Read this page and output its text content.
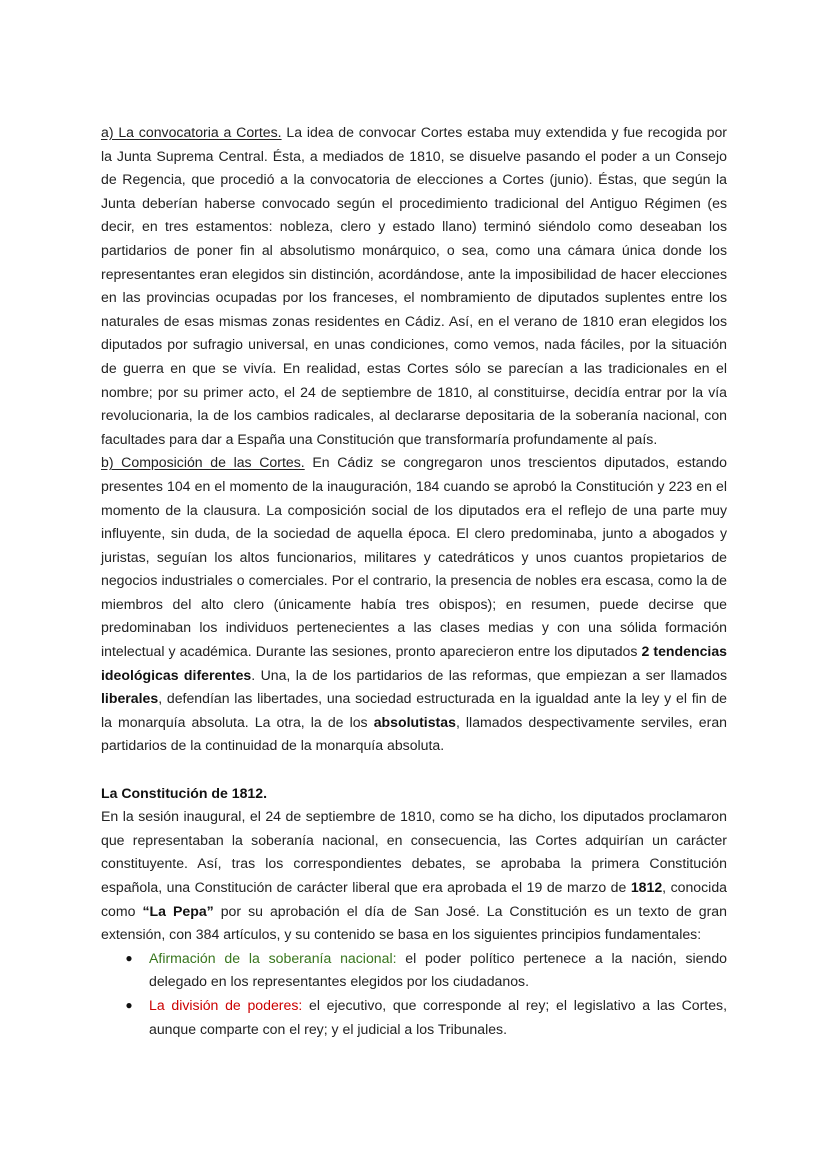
a) La convocatoria a Cortes. La idea de convocar Cortes estaba muy extendida y fue recogida por la Junta Suprema Central. Ésta, a mediados de 1810, se disuelve pasando el poder a un Consejo de Regencia, que procedió a la convocatoria de elecciones a Cortes (junio). Éstas, que según la Junta deberían haberse convocado según el procedimiento tradicional del Antiguo Régimen (es decir, en tres estamentos: nobleza, clero y estado llano) terminó siéndolo como deseaban los partidarios de poner fin al absolutismo monárquico, o sea, como una cámara única donde los representantes eran elegidos sin distinción, acordándose, ante la imposibilidad de hacer elecciones en las provincias ocupadas por los franceses, el nombramiento de diputados suplentes entre los naturales de esas mismas zonas residentes en Cádiz. Así, en el verano de 1810 eran elegidos los diputados por sufragio universal, en unas condiciones, como vemos, nada fáciles, por la situación de guerra en que se vivía. En realidad, estas Cortes sólo se parecían a las tradicionales en el nombre; por su primer acto, el 24 de septiembre de 1810, al constituirse, decidía entrar por la vía revolucionaria, la de los cambios radicales, al declararse depositaria de la soberanía nacional, con facultades para dar a España una Constitución que transformaría profundamente al país.

b) Composición de las Cortes. En Cádiz se congregaron unos trescientos diputados, estando presentes 104 en el momento de la inauguración, 184 cuando se aprobó la Constitución y 223 en el momento de la clausura. La composición social de los diputados era el reflejo de una parte muy influyente, sin duda, de la sociedad de aquella época. El clero predominaba, junto a abogados y juristas, seguían los altos funcionarios, militares y catedráticos y unos cuantos propietarios de negocios industriales o comerciales. Por el contrario, la presencia de nobles era escasa, como la de miembros del alto clero (únicamente había tres obispos); en resumen, puede decirse que predominaban los individuos pertenecientes a las clases medias y con una sólida formación intelectual y académica. Durante las sesiones, pronto aparecieron entre los diputados 2 tendencias ideológicas diferentes. Una, la de los partidarios de las reformas, que empiezan a ser llamados liberales, defendían las libertades, una sociedad estructurada en la igualdad ante la ley y el fin de la monarquía absoluta. La otra, la de los absolutistas, llamados despectivamente serviles, eran partidarios de la continuidad de la monarquía absoluta.

La Constitución de 1812.

En la sesión inaugural, el 24 de septiembre de 1810, como se ha dicho, los diputados proclamaron que representaban la soberanía nacional, en consecuencia, las Cortes adquirían un carácter constituyente. Así, tras los correspondientes debates, se aprobaba la primera Constitución española, una Constitución de carácter liberal que era aprobada el 19 de marzo de 1812, conocida como “La Pepa” por su aprobación el día de San José. La Constitución es un texto de gran extensión, con 384 artículos, y su contenido se basa en los siguientes principios fundamentales:

● Afirmación de la soberanía nacional: el poder político pertenece a la nación, siendo delegado en los representantes elegidos por los ciudadanos.
● La división de poderes: el ejecutivo, que corresponde al rey; el legislativo a las Cortes, aunque comparte con el rey; y el judicial a los Tribunales.
